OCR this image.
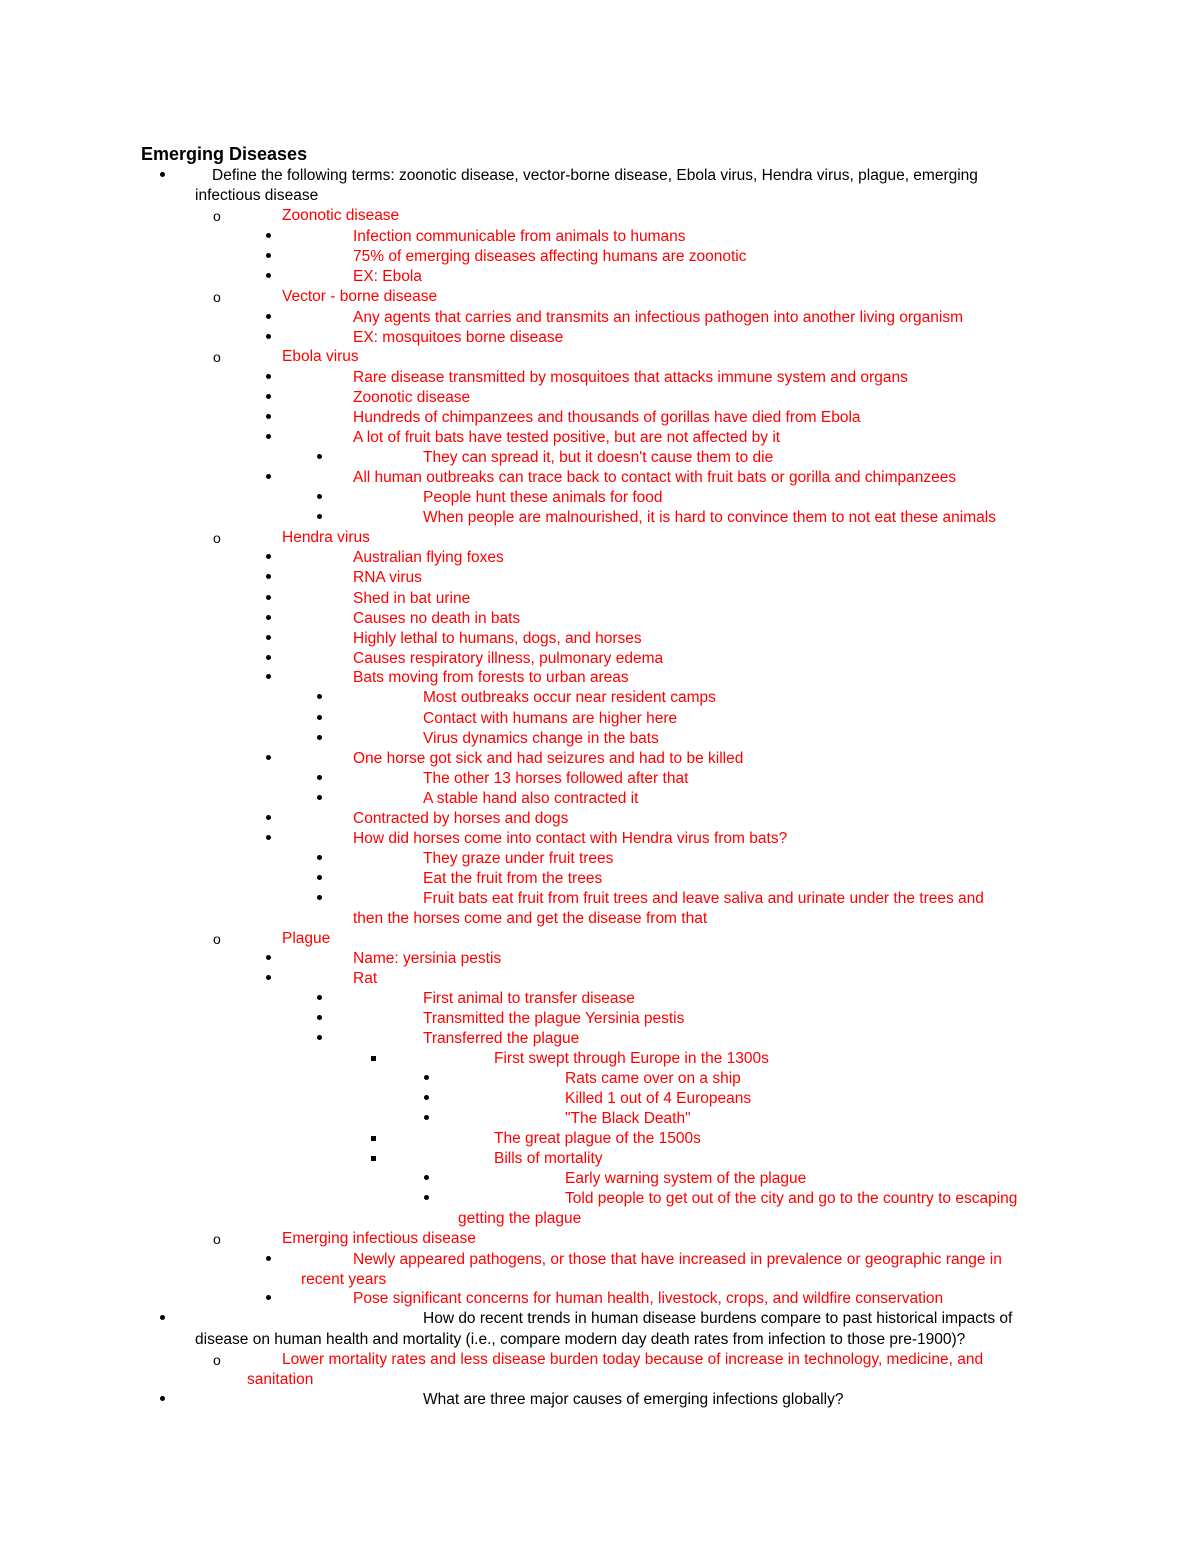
Emerging Diseases
Define the following terms: zoonotic disease, vector-borne disease, Ebola virus, Hendra virus, plague, emerging
infectious disease
o	Zoonotic disease
Infection communicable from animals to humans
75% of emerging diseases affecting humans are zoonotic
EX: Ebola
o	Vector - borne disease
Any agents that carries and transmits an infectious pathogen into another living organism
EX: mosquitoes borne disease
o	Ebola virus
Rare disease transmitted by mosquitoes that attacks immune system and organs
Zoonotic disease
Hundreds of chimpanzees and thousands of gorillas have died from Ebola
A lot of fruit bats have tested positive, but are not affected by it
They can spread it, but it doesn't cause them to die
All human outbreaks can trace back to contact with fruit bats or gorilla and chimpanzees
People hunt these animals for food
When people are malnourished, it is hard to convince them to not eat these animals
o	Hendra virus
Australian flying foxes
RNA virus
Shed in bat urine
Causes no death in bats
Highly lethal to humans, dogs, and horses
Causes respiratory illness, pulmonary edema
Bats moving from forests to urban areas
Most outbreaks occur near resident camps
Contact with humans are higher here
Virus dynamics change in the bats
One horse got sick and had seizures and had to be killed
The other 13 horses followed after that
A stable hand also contracted it
Contracted by horses and dogs
How did horses come into contact with Hendra virus from bats?
They graze under fruit trees
Eat the fruit from the trees
Fruit bats eat fruit from fruit trees and leave saliva and urinate under the trees and
then the horses come and get the disease from that
o	Plague
Name: yersinia pestis
Rat
First animal to transfer disease
Transmitted the plague Yersinia pestis
Transferred the plague
First swept through Europe in the 1300s
Rats came over on a ship
Killed 1 out of 4 Europeans
"The Black Death"
The great plague of the 1500s
Bills of mortality
Early warning system of the plague
Told people to get out of the city and go to the country to escaping
getting the plague
o	Emerging infectious disease
Newly appeared pathogens, or those that have increased in prevalence or geographic range in
recent years
Pose significant concerns for human health, livestock, crops, and wildfire conservation
How do recent trends in human disease burdens compare to past historical impacts of
disease on human health and mortality (i.e., compare modern day death rates from infection to those pre-1900)?
o	Lower mortality rates and less disease burden today because of increase in technology, medicine, and
sanitation
What are three major causes of emerging infections globally?
